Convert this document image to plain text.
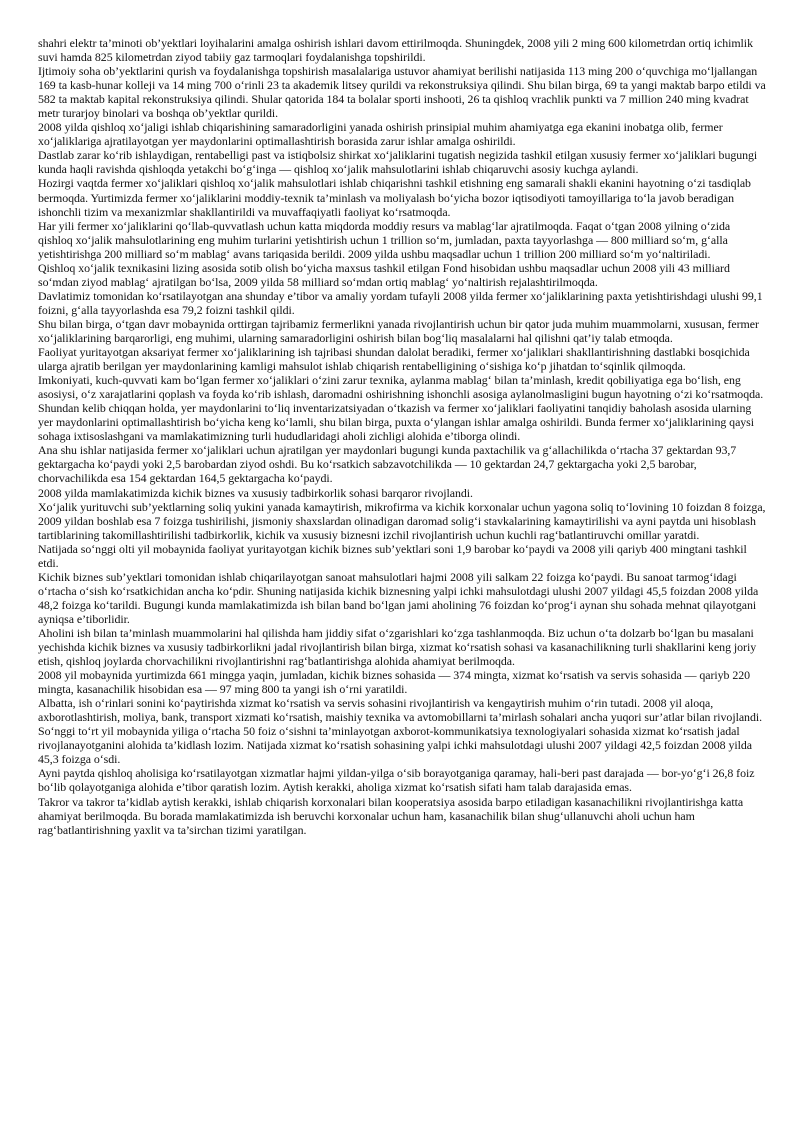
shahri elektr ta’minoti ob’yektlari loyihalarini amalga oshirish ishlari davom ettirilmoqda. Shuningdek, 2008 yili 2 ming 600 kilometrdan ortiq ichimlik suvi hamda 825 kilometrdan ziyod tabiiy gaz tarmoqlari foydalanishga topshirildi.

Ijtimoiy soha ob’yektlarini qurish va foydalanishga topshirish masalalariga ustuvor ahamiyat berilishi natijasida 113 ming 200 o‘quvchiga mo‘ljallangan 169 ta kasb-hunar kolleji va 14 ming 700 o‘rinli 23 ta akademik litsey qurildi va rekonstruksiya qilindi. Shu bilan birga, 69 ta yangi maktab barpo etildi va 582 ta maktab kapital rekonstruksiya qilindi. Shular qatorida 184 ta bolalar sporti inshooti, 26 ta qishloq vrachlik punkti va 7 million 240 ming kvadrat metr turarjoy binolari va boshqa ob’yektlar qurildi.

2008 yilda qishloq xo‘jaligi ishlab chiqarishining samaradorligini yanada oshirish prinsipial muhim ahamiyatga ega ekanini inobatga olib, fermer xo‘jaliklariga ajratilayotgan yer maydonlarini optimallashtirish borasida zarur ishlar amalga oshirildi.

Dastlab zarar ko‘rib ishlaydigan, rentabelligi past va istiqbolsiz shirkat xo‘jaliklarini tugatish negizida tashkil etilgan xususiy fermer xo‘jaliklari bugungi kunda haqli ravishda qishloqda yetakchi bo‘g‘inga — qishloq xo‘jalik mahsulotlarini ishlab chiqaruvchi asosiy kuchga aylandi.

Hozirgi vaqtda fermer xo‘jaliklari qishloq xo‘jalik mahsulotlari ishlab chiqarishni tashkil etishning eng samarali shakli ekanini hayotning o‘zi tasdiqlab bermoqda. Yurtimizda fermer xo‘jaliklarini moddiy-texnik ta’minlash va moliyalash bo‘yicha bozor iqtisodiyoti tamoyillariga to‘la javob beradigan ishonchli tizim va mexanizmlar shakllantirildi va muvaffaqiyatli faoliyat ko‘rsatmoqda.

Har yili fermer xo‘jaliklarini qo‘llab-quvvatlash uchun katta miqdorda moddiy resurs va mablag‘lar ajratilmoqda. Faqat o‘tgan 2008 yilning o‘zida qishloq xo‘jalik mahsulotlarining eng muhim turlarini yetishtirish uchun 1 trillion so‘m, jumladan, paxta tayyorlashga — 800 milliard so‘m, g‘alla yetishtirishga 200 milliard so‘m mablag‘ avans tariqasida berildi. 2009 yilda ushbu maqsadlar uchun 1 trillion 200 milliard so‘m yo‘naltiriladi.

Qishloq xo‘jalik texnikasini lizing asosida sotib olish bo‘yicha maxsus tashkil etilgan Fond hisobidan ushbu maqsadlar uchun 2008 yili 43 milliard so‘mdan ziyod mablag‘ ajratilgan bo‘lsa, 2009 yilda 58 milliard so‘mdan ortiq mablag‘ yo‘naltirish rejalashtirilmoqda.

Davlatimiz tomonidan ko‘rsatilayotgan ana shunday e’tibor va amaliy yordam tufayli 2008 yilda fermer xo‘jaliklarining paxta yetishtirishdagi ulushi 99,1 foizni, g‘alla tayyorlashda esa 79,2 foizni tashkil qildi.

Shu bilan birga, o‘tgan davr mobaynida orttirgan tajribamiz fermerlikni yanada rivojlantirish uchun bir qator juda muhim muammolarni, xususan, fermer xo‘jaliklarining barqarorligi, eng muhimi, ularning samaradorligini oshirish bilan bog‘liq masalalarni hal qilishni qat’iy talab etmoqda.

Faoliyat yuritayotgan aksariyat fermer xo‘jaliklarining ish tajribasi shundan dalolat beradiki, fermer xo‘jaliklari shakllantirishning dastlabki bosqichida ularga ajratib berilgan yer maydonlarining kamligi mahsulot ishlab chiqarish rentabelligining o‘sishiga ko‘p jihatdan to‘sqinlik qilmoqda.

Imkoniyati, kuch-quvvati kam bo‘lgan fermer xo‘jaliklari o‘zini zarur texnika, aylanma mablag‘ bilan ta’minlash, kredit qobiliyatiga ega bo‘lish, eng asosiysi, o‘z xarajatlarini qoplash va foyda ko‘rib ishlash, daromadni oshirishning ishonchli asosiga aylanolmasligini bugun hayotning o‘zi ko‘rsatmoqda.

Shundan kelib chiqqan holda, yer maydonlarini to‘liq inventarizatsiyadan o‘tkazish va fermer xo‘jaliklari faoliyatini tanqidiy baholash asosida ularning yer maydonlarini optimallashtirish bo‘yicha keng ko‘lamli, shu bilan birga, puxta o‘ylangan ishlar amalga oshirildi. Bunda fermer xo‘jaliklarining qaysi sohaga ixtisoslashgani va mamlakatimizning turli hududlaridagi aholi zichligi alohida e’tiborga olindi.

Ana shu ishlar natijasida fermer xo‘jaliklari uchun ajratilgan yer maydonlari bugungi kunda paxtachilik va g‘allachilikda o‘rtacha 37 gektardan 93,7 gektargacha ko‘paydi yoki 2,5 barobardan ziyod oshdi. Bu ko‘rsatkich sabzavotchilikda — 10 gektardan 24,7 gektargacha yoki 2,5 barobar, chorvachilikda esa 154 gektardan 164,5 gektargacha ko‘paydi.

2008 yilda mamlakatimizda kichik biznes va xususiy tadbirkorlik sohasi barqaror rivojlandi.

Xo‘jalik yurituvchi sub’yektlarning soliq yukini yanada kamaytirish, mikrofirma va kichik korxonalar uchun yagona soliq to‘lovining 10 foizdan 8 foizga, 2009 yildan boshlab esa 7 foizga tushirilishi, jismoniy shaxslardan olinadigan daromad solig‘i stavkalarining kamaytirilishi va ayni paytda uni hisoblash tartiblarining takomillashtirilishi tadbirkorlik, kichik va xususiy biznesni izchil rivojlantirish uchun kuchli rag‘batlantiruvchi omillar yaratdi.

Natijada so‘nggi olti yil mobaynida faoliyat yuritayotgan kichik biznes sub’yektlari soni 1,9 barobar ko‘paydi va 2008 yili qariyb 400 mingtani tashkil etdi.

Kichik biznes sub’yektlari tomonidan ishlab chiqarilayotgan sanoat mahsulotlari hajmi 2008 yili salkam 22 foizga ko‘paydi. Bu sanoat tarmog‘idagi o‘rtacha o‘sish ko‘rsatkichidan ancha ko‘pdir. Shuning natijasida kichik biznesning yalpi ichki mahsulotdagi ulushi 2007 yildagi 45,5 foizdan 2008 yilda 48,2 foizga ko‘tarildi. Bugungi kunda mamlakatimizda ish bilan band bo‘lgan jami aholining 76 foizdan ko‘prog‘i aynan shu sohada mehnat qilayotgani ayniqsa e’tiborlidir.

Aholini ish bilan ta’minlash muammolarini hal qilishda ham jiddiy sifat o‘zgarishlari ko‘zga tashlanmoqda. Biz uchun o‘ta dolzarb bo‘lgan bu masalani yechishda kichik biznes va xususiy tadbirkorlikni jadal rivojlantirish bilan birga, xizmat ko‘rsatish sohasi va kasanachilikning turli shakllarini keng joriy etish, qishloq joylarda chorvachilikni rivojlantirishni rag‘batlantirishga alohida ahamiyat berilmoqda.

2008 yil mobaynida yurtimizda 661 mingga yaqin, jumladan, kichik biznes sohasida — 374 mingta, xizmat ko‘rsatish va servis sohasida — qariyb 220 mingta, kasanachilik hisobidan esa — 97 ming 800 ta yangi ish o‘rni yaratildi.

Albatta, ish o‘rinlari sonini ko‘paytirishda xizmat ko‘rsatish va servis sohasini rivojlantirish va kengaytirish muhim o‘rin tutadi. 2008 yil aloqa, axborotlashtirish, moliya, bank, transport xizmati ko‘rsatish, maishiy texnika va avtomobillarni ta’mirlash sohalari ancha yuqori sur’atlar bilan rivojlandi. So‘nggi to‘rt yil mobaynida yiliga o‘rtacha 50 foiz o‘sishni ta’minlayotgan axborot-kommunikatsiya texnologiyalari sohasida xizmat ko‘rsatish jadal rivojlanayotganini alohida ta’kidlash lozim. Natijada xizmat ko‘rsatish sohasining yalpi ichki mahsulotdagi ulushi 2007 yildagi 42,5 foizdan 2008 yilda 45,3 foizga o‘sdi.

Ayni paytda qishloq aholisiga ko‘rsatilayotgan xizmatlar hajmi yildan-yilga o‘sib borayotganiga qaramay, hali-beri past darajada — bor-yo‘g‘i 26,8 foiz bo‘lib qolayotganiga alohida e’tibor qaratish lozim. Aytish kerakki, aholiga xizmat ko‘rsatish sifati ham talab darajasida emas.

Takror va takror ta’kidlab aytish kerakki, ishlab chiqarish korxonalari bilan kooperatsiya asosida barpo etiladigan kasanachilikni rivojlantirishga katta ahamiyat berilmoqda. Bu borada mamlakatimizda ish beruvchi korxonalar uchun ham, kasanachilik bilan shug‘ullanuvchi aholi uchun ham rag‘batlantirishning yaxlit va ta’sirchan tizimi yaratilgan.
